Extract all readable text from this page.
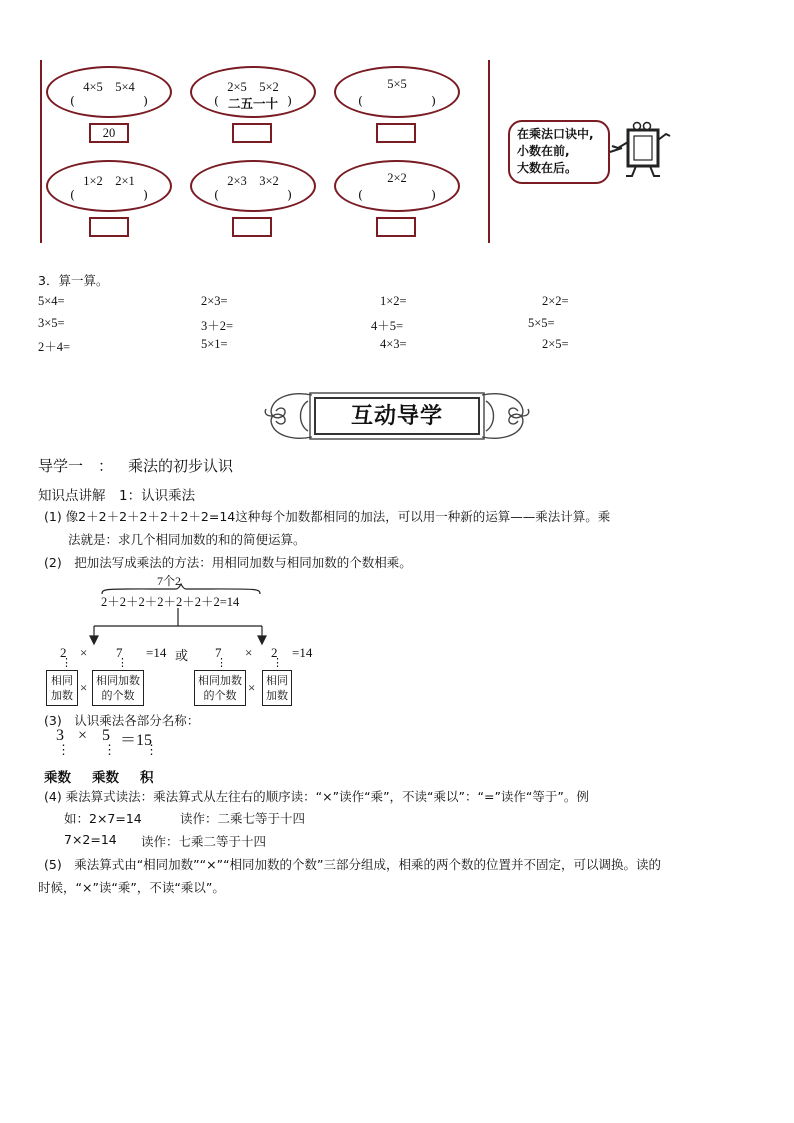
4×5　5×4
(	)
2×5　5×2
(	)
二五一十
5×5
(	)
20
1×2　2×1
(	)
2×3　3×2
(	)
2×2
(	)
在乘法口诀中,
小数在前,
大数在后。
3．算一算。
5×4=	2×3=	1×2=	2×2=
3×5=	3＋2=	4＋5=	5×5=
2＋4=	5×1=	4×3=	2×5=
互动导学
导学一　： 乘法的初步认识
知识点讲解　1：认识乘法
(1) 像2＋2＋2＋2＋2＋2＋2=14这种每个加数都相同的加法，可以用一种新的运算——乘法计算。乘
法就是：求几个相同加数的和的简便运算。
(2)　把加法写成乘法的方法：用相同加数与相同加数的个数相乘。
7个2
2＋2＋2＋2＋2＋2＋2=14
2 × 7 =14 或 7 × 2 =14
⋮	⋮	⋮	⋮
相同
加数
× 相同加数
的个数
相同加数
的个数
× 相同
加数
(3)　认识乘法各部分名称：
3 × 5 ＝15
⋮	⋮ ⋮
乘数 乘数 积
(4) 乘法算式读法：乘法算式从左往右的顺序读：“×”读作“乘”，不读“乘以”：“=”读作“等于”。例
如：2×7=14	读作：二乘七等于十四
7×2=14 读作：七乘二等于十四
(5)　乘法算式由“相同加数”“×”“相同加数的个数”三部分组成，相乘的两个数的位置并不固定，可以调换。读的
时候，“×”读“乘”，不读“乘以”。
